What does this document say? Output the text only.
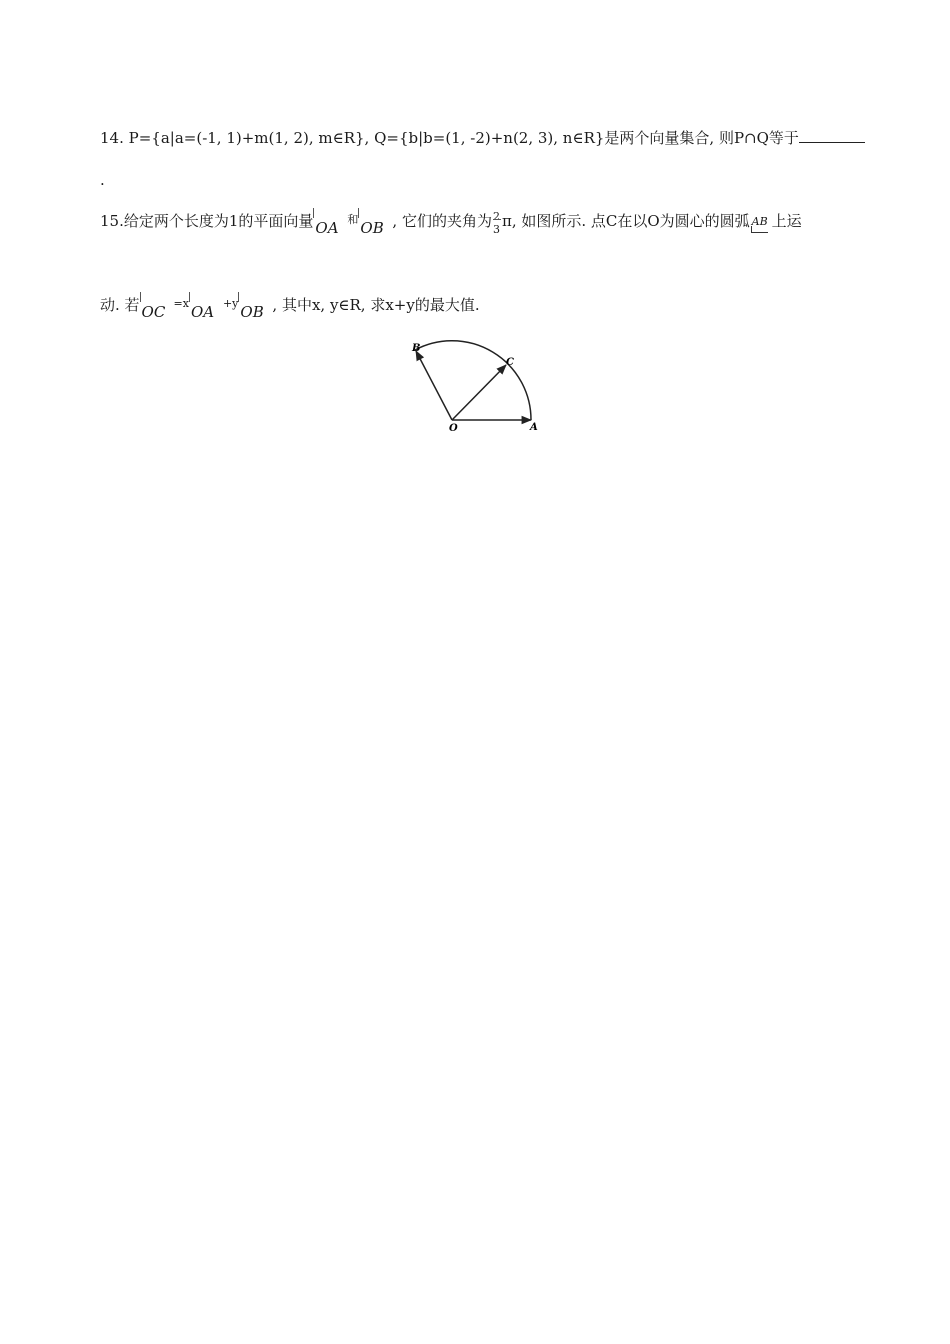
14. P={a|a=(-1, 1)+m(1, 2), m∈R}, Q={b|b=(1, -2)+n(2, 3), n∈R}是两个向量集合, 则P∩Q等于
.
15.给定两个长度为1的平面向量 OA $^和$ OB , 它们的夹角为 2
3 π, 如图所示. 点C在以O为圆心的圆弧 AB 上运
动. 若 OC $^{=x}$ OA $^{+y}$ OB , 其中x, y∈R, 求x+y的最大值.
B
C
O	A
